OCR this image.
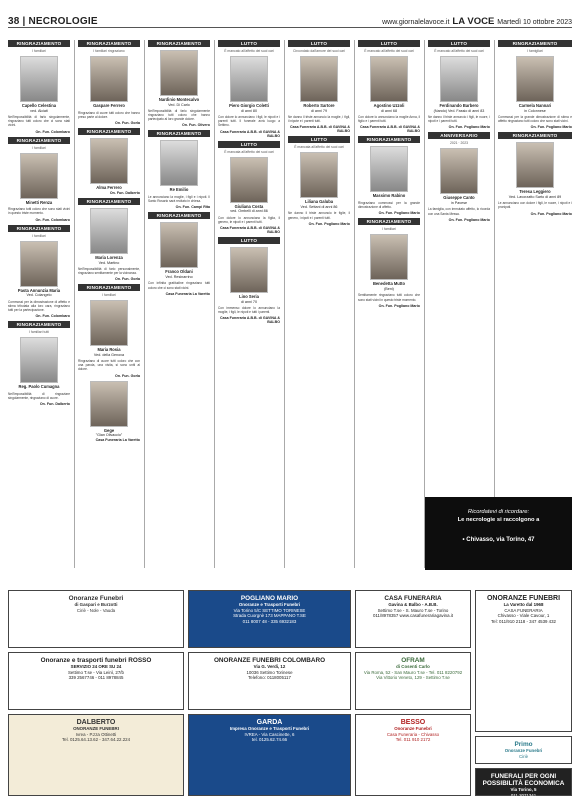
38 | NECROLOGIE	www.giornalelavoce.it LA VOCE Martedì 10 ottobre 2023
RINGRAZIAMENTO
I familiari
Capello Celestina
ved. Alciati
Nell'impossibilità di farlo singolarmente, ringraziano tutti coloro che ci sono stati vicini.
On. Fun. Colombaro
RINGRAZIAMENTO
I familiari
Minetti Renza
Ringraziano tutti coloro che sono stati vicini in questo triste momento.
On. Fun. Colombaro
RINGRAZIAMENTO
I familiari
Pasta Annunzia Maria
Ved. Colangelo
Commossi per la dimostrazione di affetto e stima tributata alla loro cara, ringraziano tutti per la partecipazione.
On. Fun. Colombaro
RINGRAZIAMENTO
I familiari tutti
Reg. Paolo Cumagna
Nell'impossibilità di ringraziare singolarmente, ringraziano di cuore.
On. Fun. Dalberto
RINGRAZIAMENTO
I familiari ringraziano
Gaspare Ferrero
Ringraziano di cuore tutti coloro che hanno preso parte al dolore.
On. Fun. Gorla
RINGRAZIAMENTO
Alma Ferrero
On. Fun. Dalberto
RINGRAZIAMENTO
Maria Lorenza
Ved. Martino
Nell'impossibilità di farlo personalmente, ringraziano sentitamente per la vicinanza.
On. Fun. Gorla
RINGRAZIAMENTO
I familiari
Maria Rosia
Ved. della Genova
Ringraziano di cuore tutti coloro che con una parola, una visita, si sono uniti al dolore.
On. Fun. Gorla
Gege
"Gian Olivaccio"
Casa Funeraria La Varetto
RINGRAZIAMENTO
Nardinio Montecalvo
Ved. Di Carlo
Nell'impossibilità di farlo singolarmente ringraziano tutti coloro che hanno partecipato al loro grande dolore.
On. Fun. Olivero
RINGRAZIAMENTO
Re Emilio
Le annunciano la moglie, i figli e i nipoti. Il Santo Rosario sarà recitato in chiesa.
On. Fun. Campi Rita
RINGRAZIAMENTO
Franco Oldani
Ved. Resinarrino
Con infinita gratitudine ringraziano tutti coloro che ci sono stati vicini.
Casa Funeraria La Varetto
LUTTO
È mancato all'affetto dei suoi cari
Piero Giorgio Coletti
di anni 80
Con dolore lo annunciano i figli, le nipoti e i parenti tutti. Il funerale avrà luogo a Settimo.
Casa Funeraria A.B.B. di GAVINA & BALBO
LUTTO
È mancata all'affetto dei suoi cari
Giuliana Costa
ved. Ombelli di anni 86
Con dolore lo annunciano la figlia, il genero, le nipoti e i parenti tutti.
Casa Funeraria A.B.B. di GAVINA & BALBO
LUTTO
Lino Seria
di anni 70
Con immenso dolore lo annunciano la moglie, i figli, le nipoti e tutti i parenti.
Casa Funeraria A.B.B. di GAVINA & BALBO
LUTTO
Circondato dall'amore dei suoi cari
Roberto Sartore
di anni 79
Ne danno il triste annuncio la moglie, i figli, il nipote e i parenti tutti.
Casa Funeraria A.B.B. di GAVINA & BALBO
LUTTO
È mancata all'affetto dei suoi cari
Liliana Galuba
Ved. Settani di anni 86
Ne danno il triste annuncio le figlie, il genero, i nipoti e i parenti tutti.
On. Fun. Pogliano Mario
LUTTO
È mancato all'affetto dei suoi cari
Agostino Uzzoli
di anni 68
Con dolore lo annunciano la moglie Anna, il figlio e i parenti tutti.
Casa Funeraria A.B.B. di GAVINA & BALBO
RINGRAZIAMENTO
Massimo Rabino
Ringraziano commossi per la grande dimostrazione di affetto.
On. Fun. Pogliano Mario
RINGRAZIAMENTO
I familiari
Benedetta Mutto
(Beni)
Sentitamente ringraziano tutti coloro che sono stati vicini in questo triste momento.
On. Fun. Pogliano Mario
LUTTO
È mancato all'affetto dei suoi cari
Ferdinando Barbero
(Nando) Ved. Fassio di anni 83
Ne danno il triste annuncio i figli, le nuore, i nipoti e i parenti tutti.
On. Fun. Pogliano Mario
ANNIVERSARIO
2021 · 2023
Giuseppe Canto
in Pavese
La famiglia, con immutato affetto, lo ricorda con una Santa Messa.
On. Fun. Pogliano Mario
RINGRAZIAMENTO
I famigliari
Carmela Nannari
in Colonnese
Commossi per la grande dimostrazione di stima e affetto ringraziano tutti coloro che sono stati vicini.
On. Fun. Pogliano Mario
RINGRAZIAMENTO
Teresa Leggiero
Ved. Lavorzatto Sarto di anni 89
Le annunciano con dolore i figli, le nuore, i nipoti e i pronipoti.
On. Fun. Pogliano Mario
Ricordatevi di ricordare:
Le necrologie si raccolgono a
• Chivasso, via Torino, 47
Onoranze Funebri
di Gaspari e Burzotti
Ciriè - Nole - Vauda
POGLIANO MARIO
Onoranze e Trasporti Funebri
Via Torino 5/C SETTIMO TORINESE
Strada Cuorgnè 173 MAPPANO T.SE
011 8007 48 - 335 6932183
CASA FUNERARIA
Gavina & Balbo - A.B.B.
Settimo T.se - S. Mauro T.se - Torino
011/8978357 www.casafunerariagavina.it
ONORANZE FUNEBRI
La Varetto dal 1968
CASA FUNERARIA
Chivasso - Viale Cavour, 1
Tel: 011/910 2118 - 347 4539 432
Onoranze e trasporti funebri ROSSO
SERVIZIO 24 ORE SU 24
Settimo T.se - Via Leinì, 27/b
339 2567746 - 011 8978845
ONORANZE FUNEBRI COLOMBARO
Via G. Verdi, 12
10036 Settimo Torinese
Telefono: 0118005117
OFRAM
di Cosenti Carlo
Via Roma, 52 - San Mauro T.se - Tel. 011 8220792
Via Vittorio Veneto, 129 - Settimo T.se
DALBERTO
ONORANZE FUNEBRI
Ivrea - P.zza Ottinetti
Tel. 0125.64.13.62 - 347.64.22.224
GARDA
Impresa Onoranze e Trasporti Funebri
IVREA - Via Cascinette, 6
tel. 0125.62.74.66
BESSO
Onoranze Funebri
Casa Funeraria - Chivasso
Tel. 011 910 2172
Primo
Onoranze Funebri
Ciriè
FUNERALI PER OGNI POSSIBILITÀ ECONOMICA
Via Torino, 5
011 2071341
388 8688993
